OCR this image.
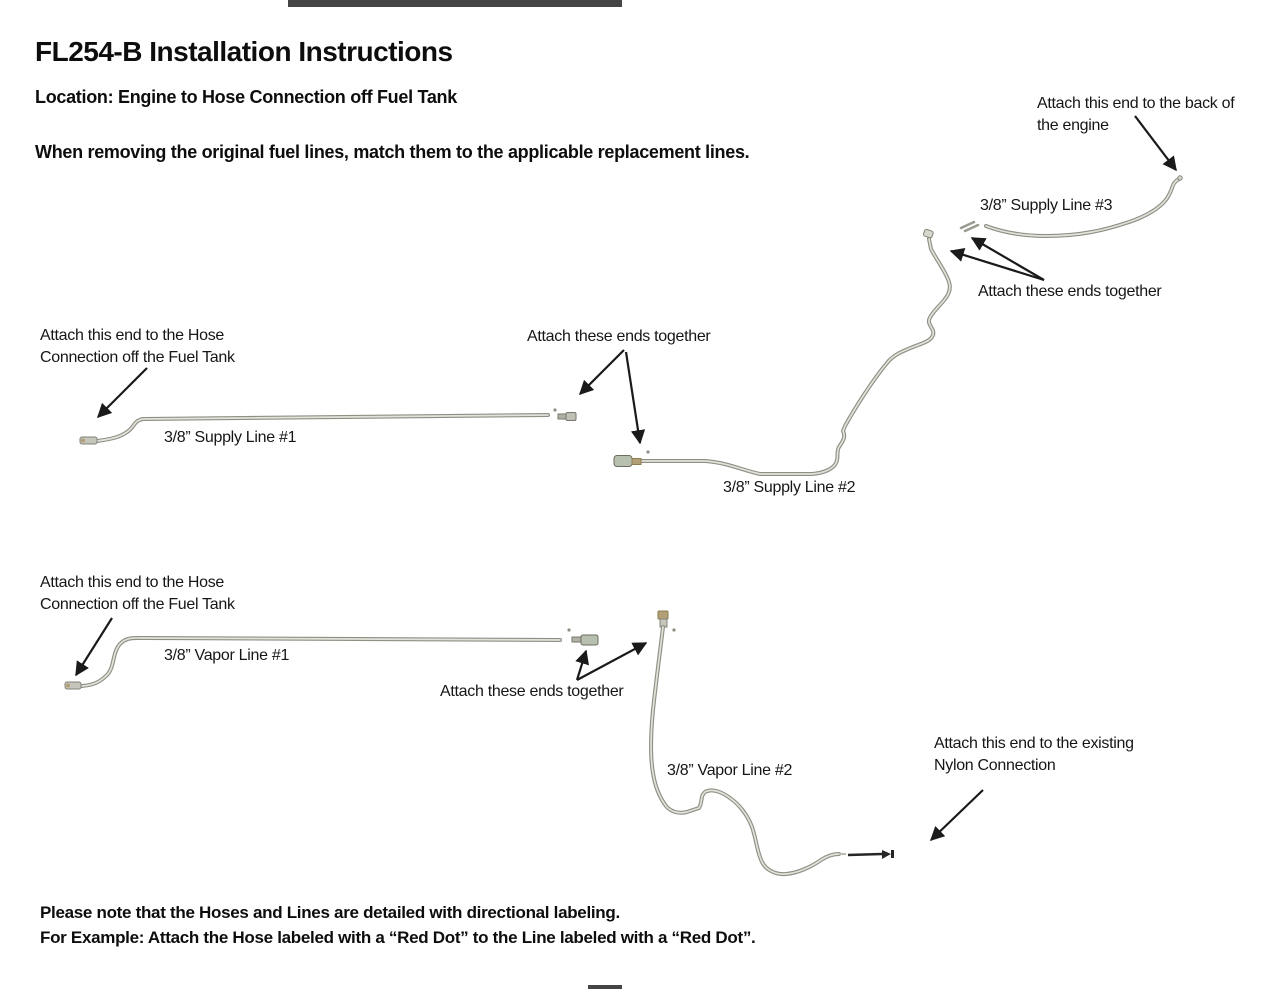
FL254-B Installation Instructions
Location: Engine to Hose Connection off Fuel Tank
When removing the original fuel lines, match them to the applicable replacement lines.
Attach this end to the back of
the engine
3/8” Supply Line #3
Attach these ends together
Attach this end to the Hose
Connection off the Fuel Tank
3/8” Supply Line #1
Attach these ends together
3/8” Supply Line #2
Attach this end to the Hose
Connection off the Fuel Tank
3/8” Vapor Line #1
Attach these ends together
3/8” Vapor Line #2
Attach this end to the existing
Nylon Connection
Please note that the Hoses and Lines are detailed with directional labeling.
For Example: Attach the Hose labeled with a “Red Dot” to the Line labeled with a “Red Dot”.
